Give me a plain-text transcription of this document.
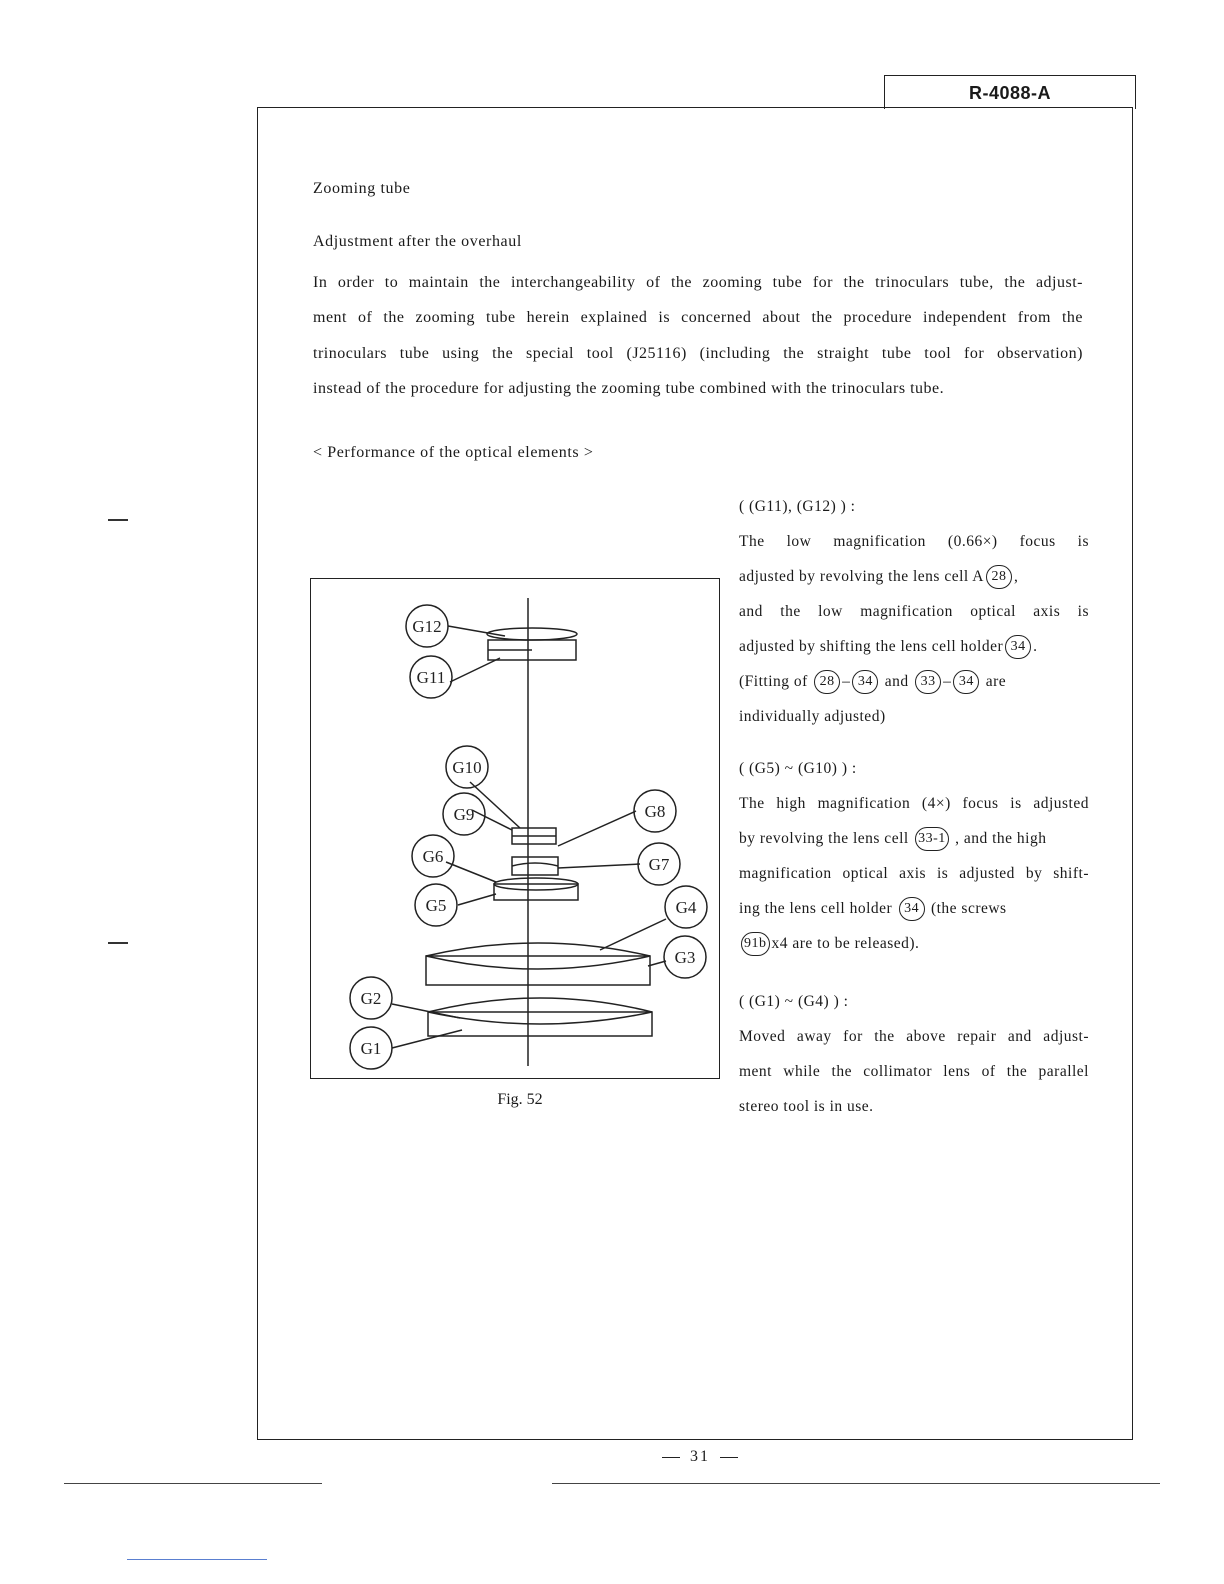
R-4088-A
Zooming tube
Adjustment after the overhaul
In order to maintain the interchangeability of the zooming tube for the trinoculars tube, the adjust-
ment of the zooming tube herein explained is concerned about the procedure independent from the
trinoculars tube using the special tool (J25116) (including the straight tube tool for observation)
instead of the procedure for adjusting the zooming tube combined with the trinoculars tube.
< Performance of the optical elements >
G12
G11
G10
G9	G8
G7
G6
G5	G4
G3
G2
G1
Fig. 52
( (G11), (G12) ) :
The low magnification (0.66×) focus is
adjusted by revolving the lens cell A 28 ,
and the low magnification optical axis is
adjusted by shifting the lens cell holder 34 .
(Fitting of 28 – 34 and 33 – 34 are
individually adjusted)
( (G5) ~ (G10) ) :
The high magnification (4×) focus is adjusted
by revolving the lens cell 33-1 , and the high
magnification optical axis is adjusted by shift-
ing the lens cell holder 34 (the screws
91b x4 are to be released).
( (G1) ~ (G4) ) :
Moved away for the above repair and adjust-
ment while the collimator lens of the parallel
stereo tool is in use.
31
